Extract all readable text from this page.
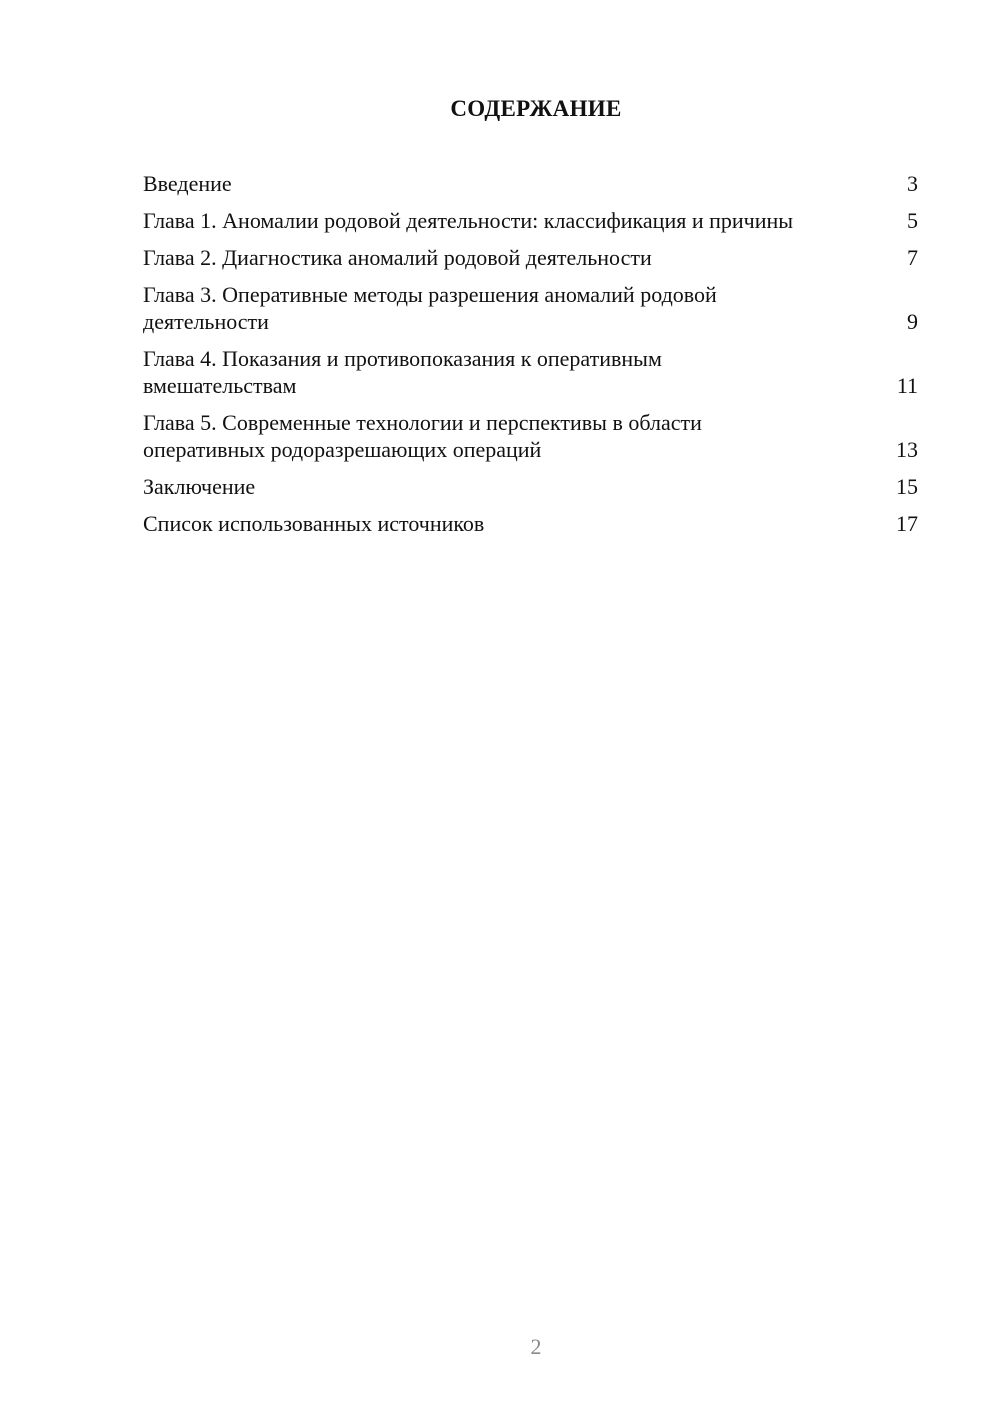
СОДЕРЖАНИЕ
Введение	3
Глава 1. Аномалии родовой деятельности: классификация и причины	5
Глава 2. Диагностика аномалий родовой деятельности	7
Глава 3. Оперативные методы разрешения аномалий родовой деятельности	9
Глава 4. Показания и противопоказания к оперативным вмешательствам	11
Глава 5. Современные технологии и перспективы в области оперативных родоразрешающих операций	13
Заключение	15
Список использованных источников	17
2
